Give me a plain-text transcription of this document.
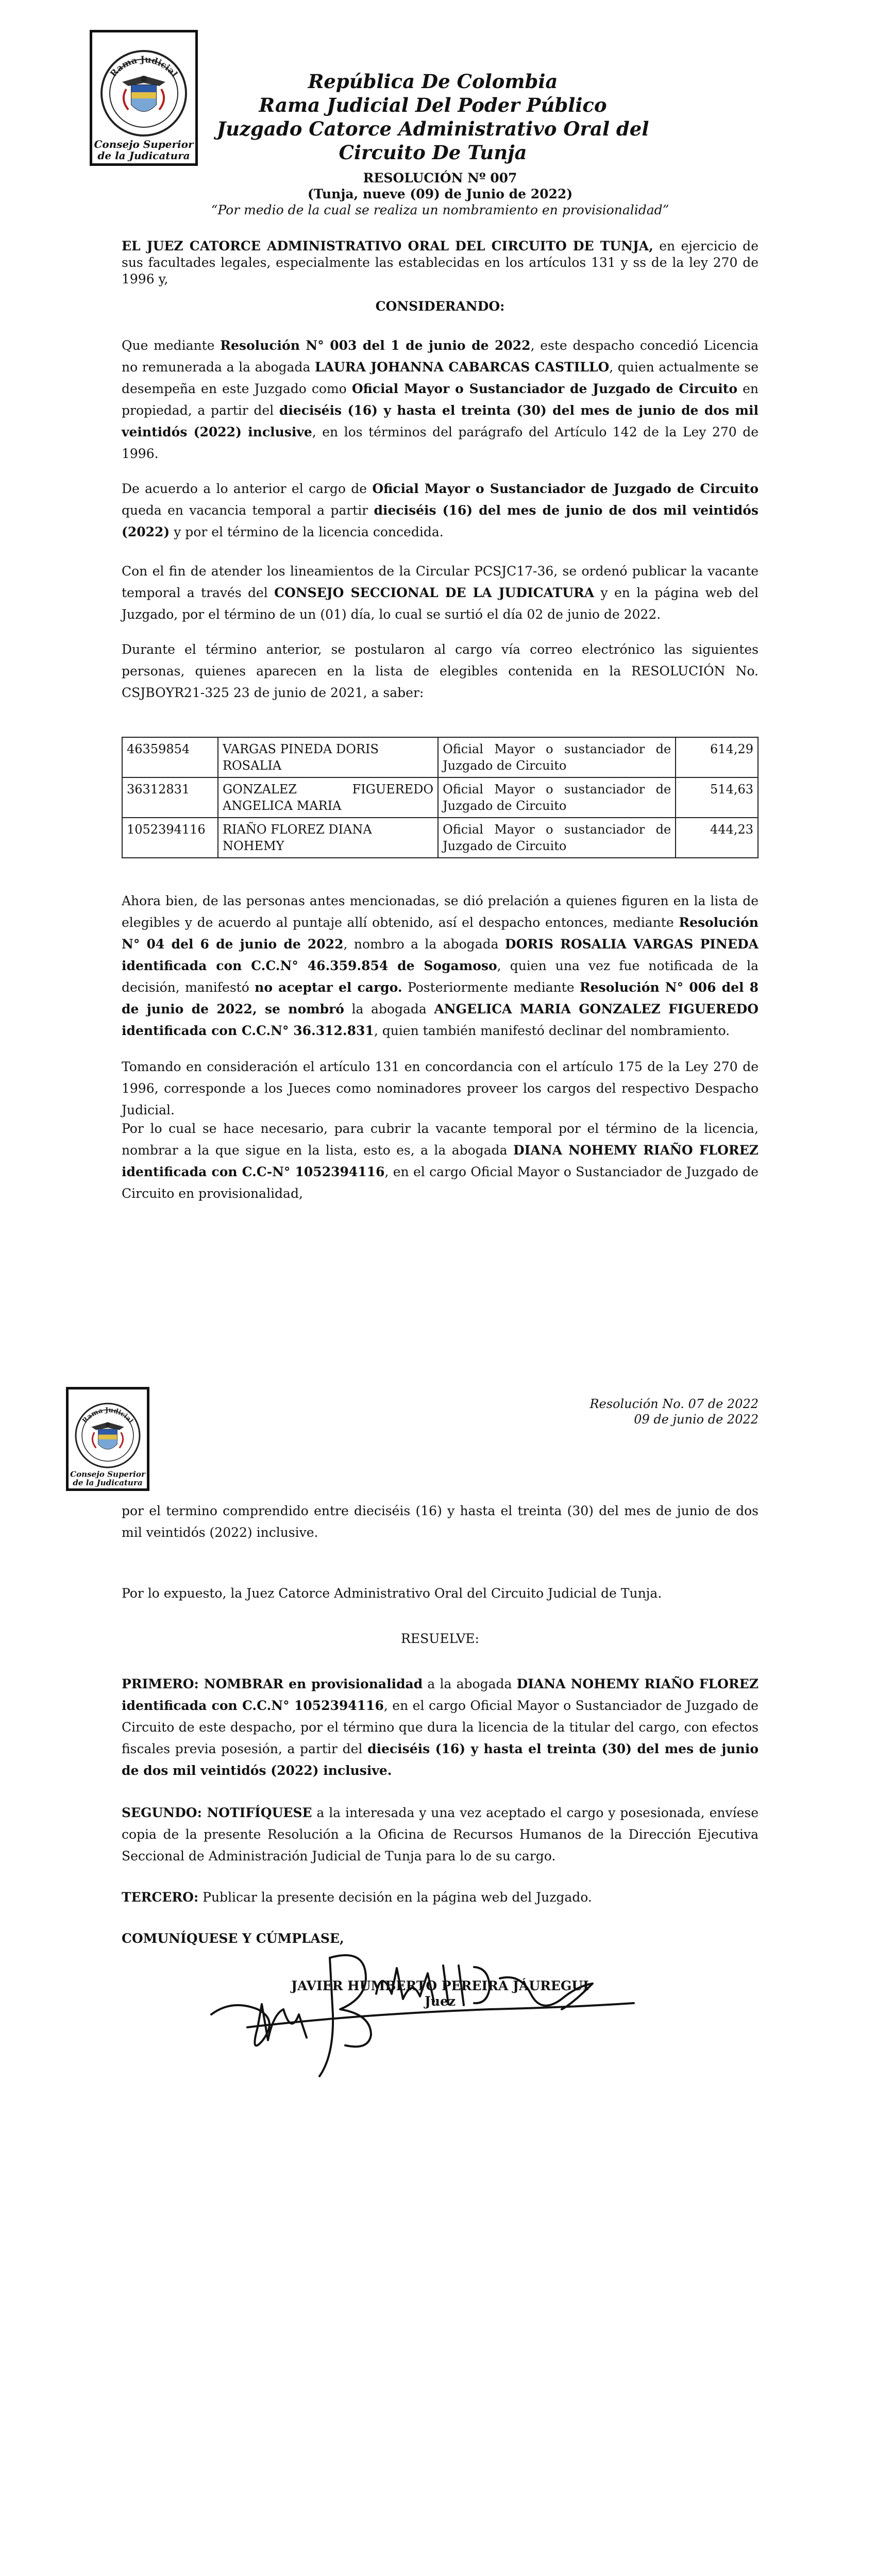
Rama Judicial
Consejo Superior
de la Judicatura
República De Colombia
Rama Judicial Del Poder Público
Juzgado Catorce Administrativo Oral del Circuito De Tunja

RESOLUCIÓN Nº 007

(Tunja, nueve (09) de Junio de 2022)

“Por medio de la cual se realiza un nombramiento en provisionalidad”

EL JUEZ CATORCE ADMINISTRATIVO ORAL DEL CIRCUITO DE TUNJA, en ejercicio de sus facultades legales, especialmente las establecidas en los artículos 131 y ss de la ley 270 de 1996 y,

CONSIDERANDO:

Que mediante Resolución N° 003 del 1 de junio de 2022, este despacho concedió Licencia no remunerada a la abogada LAURA JOHANNA CABARCAS CASTILLO, quien actualmente se desempeña en este Juzgado como Oficial Mayor o Sustanciador de Juzgado de Circuito en propiedad, a partir del dieciséis (16) y hasta el treinta (30) del mes de junio de dos mil veintidós (2022) inclusive, en los términos del parágrafo del Artículo 142 de la Ley 270 de 1996.

De acuerdo a lo anterior el cargo de Oficial Mayor o Sustanciador de Juzgado de Circuito queda en vacancia temporal a partir dieciséis (16) del mes de junio de dos mil veintidós (2022) y por el término de la licencia concedida.

Con el fin de atender los lineamientos de la Circular PCSJC17-36, se ordenó publicar la vacante temporal a través del CONSEJO SECCIONAL DE LA JUDICATURA y en la página web del Juzgado, por el término de un (01) día, lo cual se surtió el día 02 de junio de 2022.

Durante el término anterior, se postularon al cargo vía correo electrónico las siguientes personas, quienes aparecen en la lista de elegibles contenida en la RESOLUCIÓN No. CSJBOYR21-325 23 de junio de 2021, a saber:

46359854	VARGAS PINEDA DORIS ROSALIA	Oficial Mayor o sustanciador de Juzgado de Circuito	614,29
36312831	GONZALEZ FIGUEREDO ANGELICA MARIA	Oficial Mayor o sustanciador de Juzgado de Circuito	514,63
1052394116	RIAÑO FLOREZ DIANA NOHEMY	Oficial Mayor o sustanciador de Juzgado de Circuito	444,23

Ahora bien, de las personas antes mencionadas, se dió prelación a quienes figuren en la lista de elegibles y de acuerdo al puntaje allí obtenido, así el despacho entonces, mediante Resolución N° 04 del 6 de junio de 2022, nombro a la abogada DORIS ROSALIA VARGAS PINEDA identificada con C.C.N° 46.359.854 de Sogamoso, quien una vez fue notificada de la decisión, manifestó no aceptar el cargo. Posteriormente mediante Resolución N° 006 del 8 de junio de 2022, se nombró la abogada ANGELICA MARIA GONZALEZ FIGUEREDO identificada con C.C.N° 36.312.831, quien también manifestó declinar del nombramiento.

Tomando en consideración el artículo 131 en concordancia con el artículo 175 de la Ley 270 de 1996, corresponde a los Jueces como nominadores proveer los cargos del respectivo Despacho Judicial.

Por lo cual se hace necesario, para cubrir la vacante temporal por el término de la licencia, nombrar a la que sigue en la lista, esto es, a la abogada DIANA NOHEMY RIAÑO FLOREZ identificada con C.C-N° 1052394116, en el cargo Oficial Mayor o Sustanciador de Juzgado de Circuito en provisionalidad,

Rama Judicial
Consejo Superior
de la Judicatura
Resolución No. 07 de 2022
09 de junio de 2022

por el termino comprendido entre dieciséis (16) y hasta el treinta (30) del mes de junio de dos mil veintidós (2022) inclusive.

Por lo expuesto, la Juez Catorce Administrativo Oral del Circuito Judicial de Tunja.

RESUELVE:

PRIMERO: NOMBRAR en provisionalidad a la abogada DIANA NOHEMY RIAÑO FLOREZ identificada con C.C.N° 1052394116, en el cargo Oficial Mayor o Sustanciador de Juzgado de Circuito de este despacho, por el término que dura la licencia de la titular del cargo, con efectos fiscales previa posesión, a partir del dieciséis (16) y hasta el treinta (30) del mes de junio de dos mil veintidós (2022) inclusive.

SEGUNDO: NOTIFÍQUESE a la interesada y una vez aceptado el cargo y posesionada, envíese copia de la presente Resolución a la Oficina de Recursos Humanos de la Dirección Ejecutiva Seccional de Administración Judicial de Tunja para lo de su cargo.

TERCERO: Publicar la presente decisión en la página web del Juzgado.

COMUNÍQUESE Y CÚMPLASE,

JAVIER HUMBERTO PEREIRA JÁUREGUI

Juez
